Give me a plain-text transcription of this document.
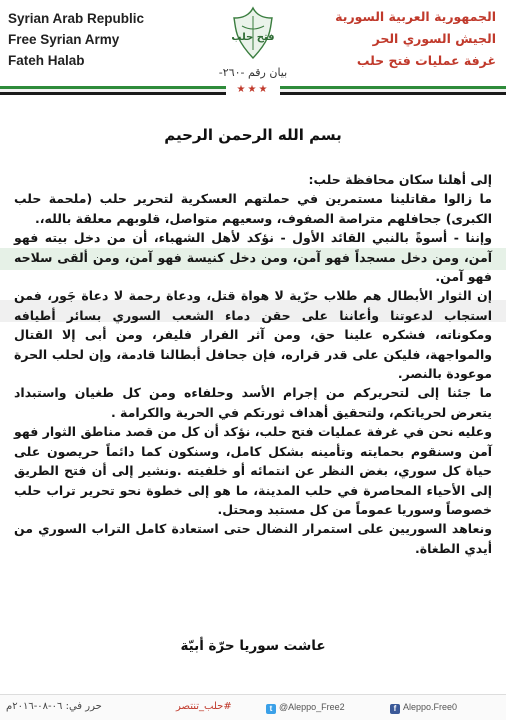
Syrian Arab Republic
Free Syrian Army
Fateh Halab
فتح حلب
بيان رقم -٢٦٠-
الجمهورية العربية السورية
الجيش السوري الحر
غرفة عمليات فتح حلب
★★★
بسم الله الرحمن الرحيم

إلى أهلنا سكان محافظة حلب:

ما زالوا مقاتلينا مستمرين في حملتهم العسكرية لتحرير حلب (ملحمة حلب الكبرى) جحافلهم متراصة الصفوف، وسعيهم متواصل، قلوبهم معلقة بالله،.

وإننا - أسوةً بالنبي القائد الأول - نؤكد لأهل الشهباء، أن من دخل بيته فهو آمن، ومن دخل مسجداً فهو آمن، ومن دخل كنيسة فهو آمن، ومن ألقى سلاحه فهو آمن.

إن الثوار الأبطال هم طلاب حرّية لا هواة قتل، ودعاة رحمة لا دعاة جَور، فمن استجاب لدعوتنا وأعاننا على حقن دماء الشعب السوري بسائر أطيافه ومكوناته، فشكره علينا حق، ومن آثر الفرار فليفر، ومن أبى إلا القتال والمواجهة، فليكن على قدر قراره، فإن جحافل أبطالنا قادمة، وإن لحلب الحرة موعودة بالنصر.

ما جئنا إلى لتحريركم من إجرام الأسد وحلفاءه ومن كل طغيان واستبداد يتعرض لحرياتكم، ولتحقيق أهداف ثورتكم في الحرية والكرامة .

وعليه نحن في غرفة عمليات فتح حلب، نؤكد أن كل من قصد مناطق الثوار فهو آمن وسنقوم بحمايته وتأمينه بشكل كامل، وسنكون كما دائماً حريصون على حياة كل سوري، بغض النظر عن انتمائه أو خلفيته .ونشير إلى أن فتح الطريق إلى الأحياء المحاصرة في حلب المدينة، ما هو إلى خطوة نحو تحرير تراب حلب خصوصاً وسوريا عموماً من كل مستبد ومحتل.

ونعاهد السوريين على استمرار النضال حتى استعادة كامل التراب السوري من أيدي الطغاة.

عاشت سوريا حرّة أبيّة
حرر في: ٠٦-٠٨-٢٠١٦م	#حلب_تنتصر	t @Aleppo_Free2	f Aleppo.Free0
